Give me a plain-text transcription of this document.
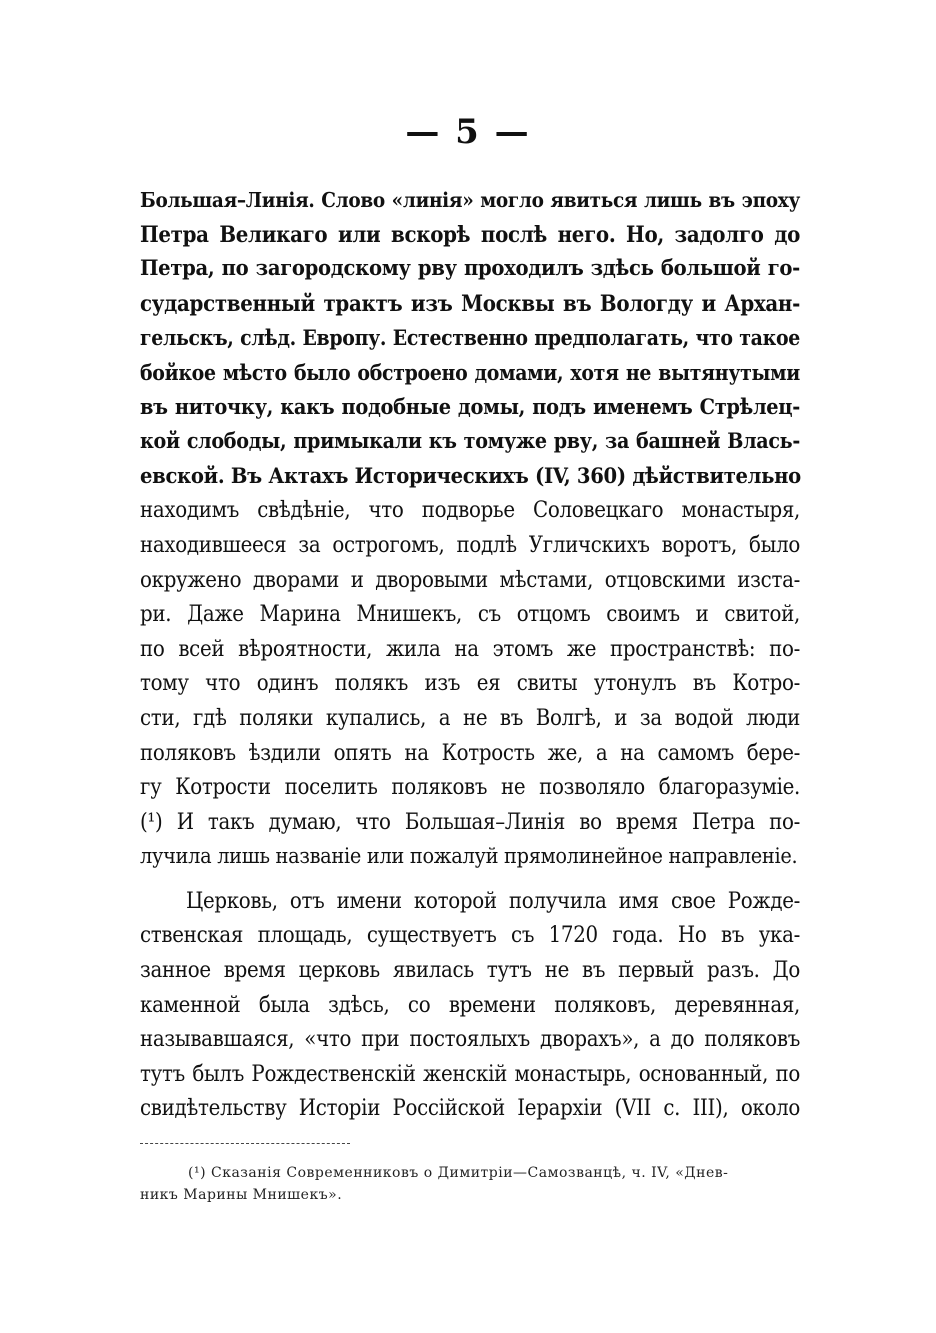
— 5 —
Большая–Линія. Слово «линія» могло явиться лишь въ эпоху
Петра Великаго или вскорѣ послѣ него. Но, задолго до
Петра, по загородскому рву проходилъ здѣсь большой го-
сударственный трактъ изъ Москвы въ Вологду и Архан-
гельскъ, слѣд. Европу. Естественно предполагать, что такое
бойкое мѣсто было обстроено домами, хотя не вытянутыми
въ ниточку, какъ подобные домы, подъ именемъ Стрѣлец-
кой слободы, примыкали къ томуже рву, за башней Влась-
евской. Въ Актахъ Историческихъ (IV, 360) дѣйствительно
находимъ свѣдѣніе, что подворье Соловецкаго монастыря,
находившееся за острогомъ, подлѣ Угличскихъ воротъ, было
окружено дворами и дворовыми мѣстами, отцовскими изста-
ри. Даже Марина Мнишекъ, съ отцомъ своимъ и свитой,
по всей вѣроятности, жила на этомъ же пространствѣ: по-
тому что одинъ полякъ изъ ея свиты утонулъ въ Котро-
сти, гдѣ поляки купались, а не въ Волгѣ, и за водой люди
поляковъ ѣздили опять на Котрость же, а на самомъ бере-
гу Котрости поселить поляковъ не позволяло благоразуміе.
(¹) И такъ думаю, что Большая–Линія во время Петра по-
лучила лишь названіе или пожалуй прямолинейное направленіе.
Церковь, отъ имени которой получила имя свое Рожде-
ственская площадь, существуетъ съ 1720 года. Но въ ука-
занное время церковь явилась тутъ не въ первый разъ. До
каменной была здѣсь, со времени поляковъ, деревянная,
называвшаяся, «что при постоялыхъ дворахъ», а до поляковъ
тутъ былъ Рождественскій женскій монастырь, основанный, по
свидѣтельству Исторіи Россійской Іерархіи (VII с. III), около
(¹) Сказанія Современниковъ о Димитріи—Самозванцѣ, ч. IV, «Днев-
никъ Марины Мнишекъ».
